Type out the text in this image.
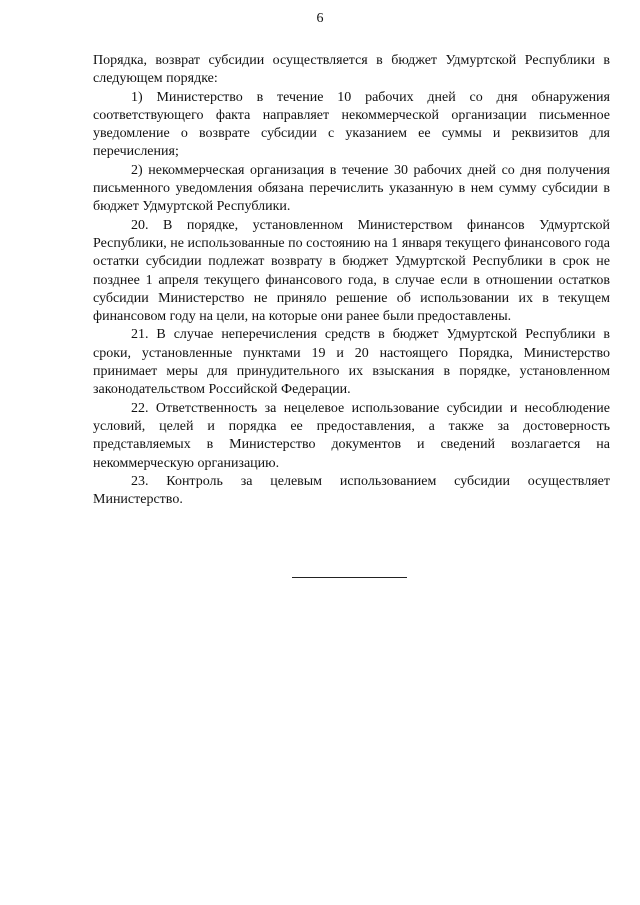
6

Порядка, возврат субсидии осуществляется в бюджет Удмуртской Республики в следующем порядке:

1) Министерство в течение 10 рабочих дней со дня обнаружения соответствующего факта направляет некоммерческой организации письменное уведомление о возврате субсидии с указанием ее суммы и реквизитов для перечисления;

2) некоммерческая организация в течение 30 рабочих дней со дня получения письменного уведомления обязана перечислить указанную в нем сумму субсидии в бюджет Удмуртской Республики.

20. В порядке, установленном Министерством финансов Удмуртской Республики, не использованные по состоянию на 1 января текущего финансового года остатки субсидии подлежат возврату в бюджет Удмуртской Республики в срок не позднее 1 апреля текущего финансового года, в случае если в отношении остатков субсидии Министерство не приняло решение об использовании их в текущем финансовом году на цели, на которые они ранее были предоставлены.

21. В случае неперечисления средств в бюджет Удмуртской Республики в сроки, установленные пунктами 19 и 20 настоящего Порядка, Министерство принимает меры для принудительного их взыскания в порядке, установленном законодательством Российской Федерации.

22. Ответственность за нецелевое использование субсидии и несоблюдение условий, целей и порядка ее предоставления, а также за достоверность представляемых в Министерство документов и сведений возлагается на некоммерческую организацию.

23. Контроль за целевым использованием субсидии осуществляет Министерство.
